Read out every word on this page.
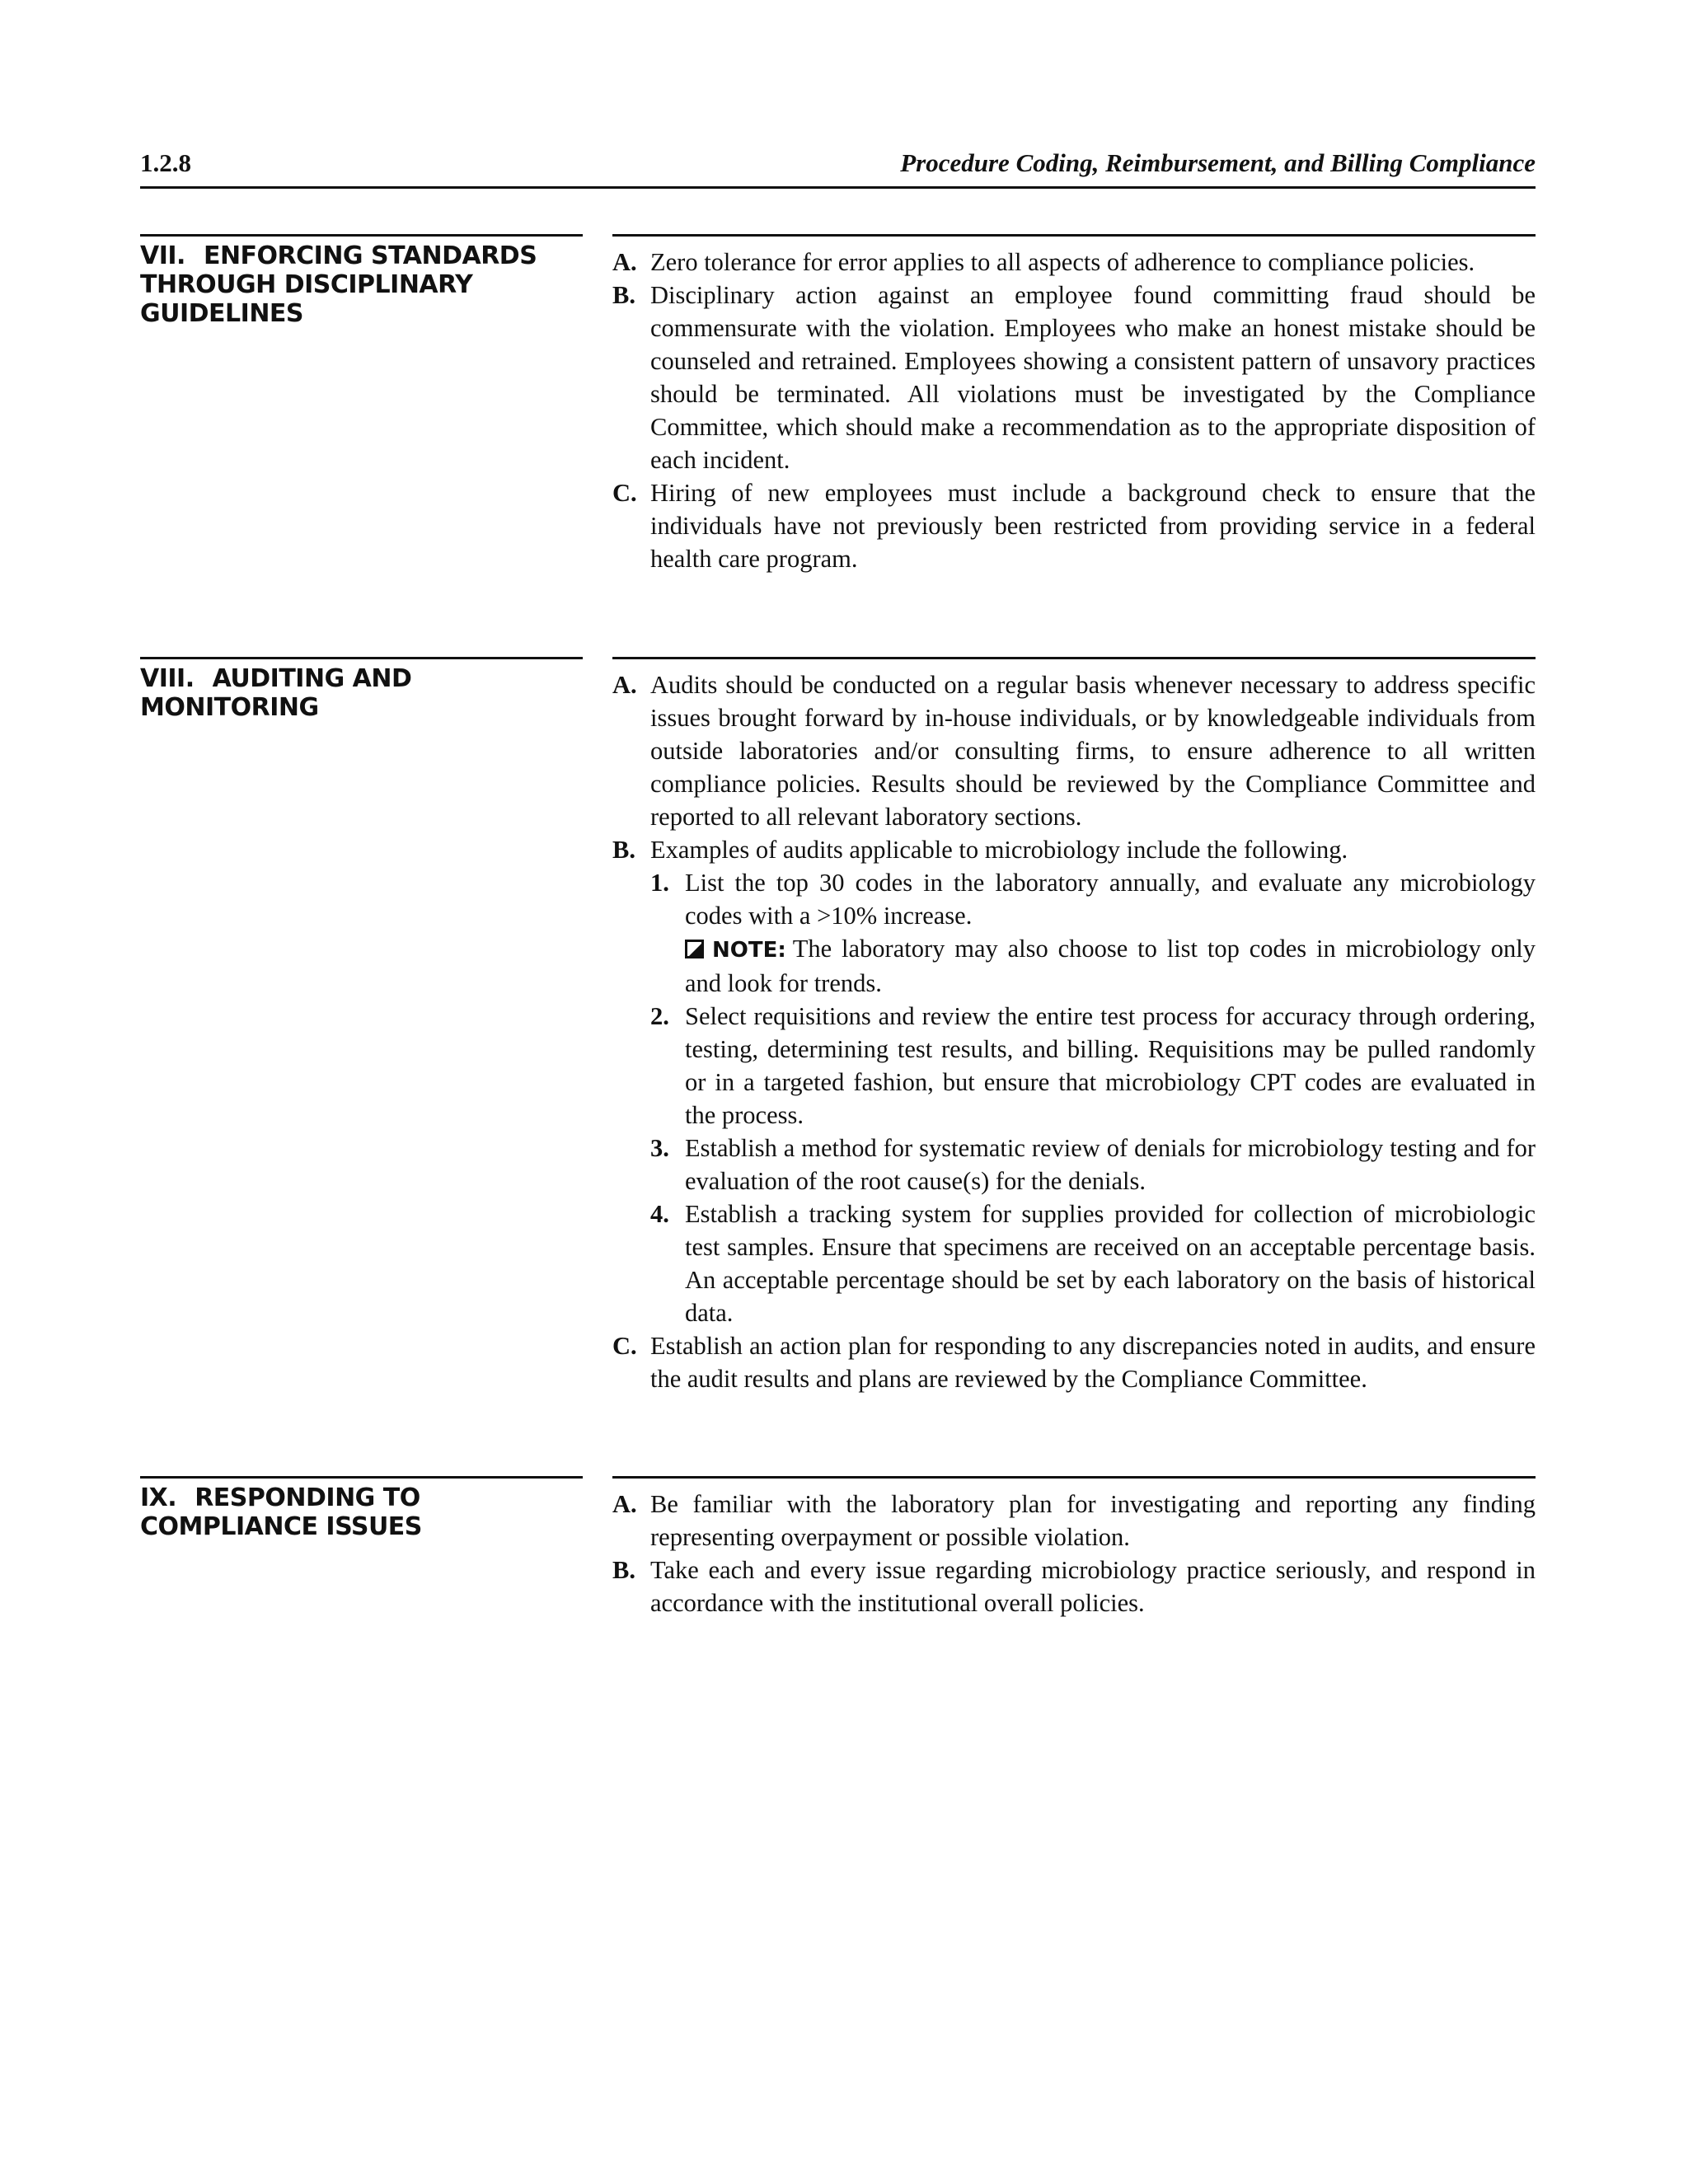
1.2.8	Procedure Coding, Reimbursement, and Billing Compliance
VII. ENFORCING STANDARDS THROUGH DISCIPLINARY GUIDELINES
A. Zero tolerance for error applies to all aspects of adherence to compliance policies.
B. Disciplinary action against an employee found committing fraud should be commensurate with the violation. Employees who make an honest mistake should be counseled and retrained. Employees showing a consistent pattern of unsavory practices should be terminated. All violations must be investigated by the Compliance Committee, which should make a recommendation as to the appropriate disposition of each incident.
C. Hiring of new employees must include a background check to ensure that the individuals have not previously been restricted from providing service in a federal health care program.
VIII. AUDITING AND MONITORING
A. Audits should be conducted on a regular basis whenever necessary to address specific issues brought forward by in-house individuals, or by knowledgeable individuals from outside laboratories and/or consulting firms, to ensure adherence to all written compliance policies. Results should be reviewed by the Compliance Committee and reported to all relevant laboratory sections.
B. Examples of audits applicable to microbiology include the following.
1. List the top 30 codes in the laboratory annually, and evaluate any microbiology codes with a >10% increase.
NOTE: The laboratory may also choose to list top codes in microbiology only and look for trends.
2. Select requisitions and review the entire test process for accuracy through ordering, testing, determining test results, and billing. Requisitions may be pulled randomly or in a targeted fashion, but ensure that microbiology CPT codes are evaluated in the process.
3. Establish a method for systematic review of denials for microbiology testing and for evaluation of the root cause(s) for the denials.
4. Establish a tracking system for supplies provided for collection of microbiologic test samples. Ensure that specimens are received on an acceptable percentage basis. An acceptable percentage should be set by each laboratory on the basis of historical data.
C. Establish an action plan for responding to any discrepancies noted in audits, and ensure the audit results and plans are reviewed by the Compliance Committee.
IX. RESPONDING TO COMPLIANCE ISSUES
A. Be familiar with the laboratory plan for investigating and reporting any finding representing overpayment or possible violation.
B. Take each and every issue regarding microbiology practice seriously, and respond in accordance with the institutional overall policies.
